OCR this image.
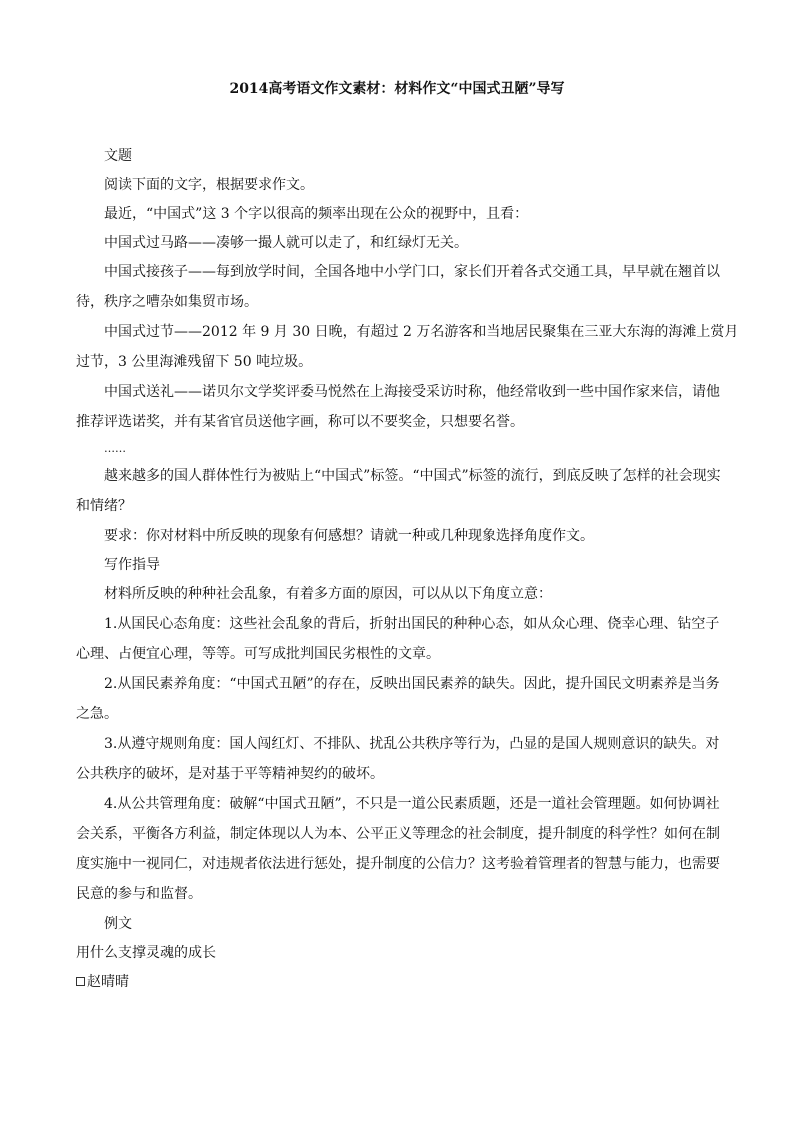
2014高考语文作文素材：材料作文“中国式丑陋”导写

文题

阅读下面的文字，根据要求作文。

最近，“中国式”这 3 个字以很高的频率出现在公众的视野中，且看：

中国式过马路——凑够一撮人就可以走了，和红绿灯无关。

中国式接孩子——每到放学时间，全国各地中小学门口，家长们开着各式交通工具，早早就在翘首以
待，秩序之嘈杂如集贸市场。
中国式过节——2012 年 9 月 30 日晚，有超过 2 万名游客和当地居民聚集在三亚大东海的海滩上赏月
过节，3 公里海滩残留下 50 吨垃圾。
中国式送礼——诺贝尔文学奖评委马悦然在上海接受采访时称，他经常收到一些中国作家来信，请他
推荐评选诺奖，并有某省官员送他字画，称可以不要奖金，只想要名誉。

……

越来越多的国人群体性行为被贴上“中国式”标签。“中国式”标签的流行，到底反映了怎样的社会现实
和情绪？

要求：你对材料中所反映的现象有何感想？请就一种或几种现象选择角度作文。

写作指导

材料所反映的种种社会乱象，有着多方面的原因，可以从以下角度立意：

1.从国民心态角度：这些社会乱象的背后，折射出国民的种种心态，如从众心理、侥幸心理、钻空子
心理、占便宜心理，等等。可写成批判国民劣根性的文章。
2.从国民素养角度：“中国式丑陋”的存在，反映出国民素养的缺失。因此，提升国民文明素养是当务
之急。
3.从遵守规则角度：国人闯红灯、不排队、扰乱公共秩序等行为，凸显的是国人规则意识的缺失。对
公共秩序的破坏，是对基于平等精神契约的破坏。
4.从公共管理角度：破解“中国式丑陋”，不只是一道公民素质题，还是一道社会管理题。如何协调社
会关系，平衡各方利益，制定体现以人为本、公平正义等理念的社会制度，提升制度的科学性？如何在制
度实施中一视同仁，对违规者依法进行惩处，提升制度的公信力？这考验着管理者的智慧与能力，也需要
民意的参与和监督。

例文

用什么支撑灵魂的成长

赵晴晴
